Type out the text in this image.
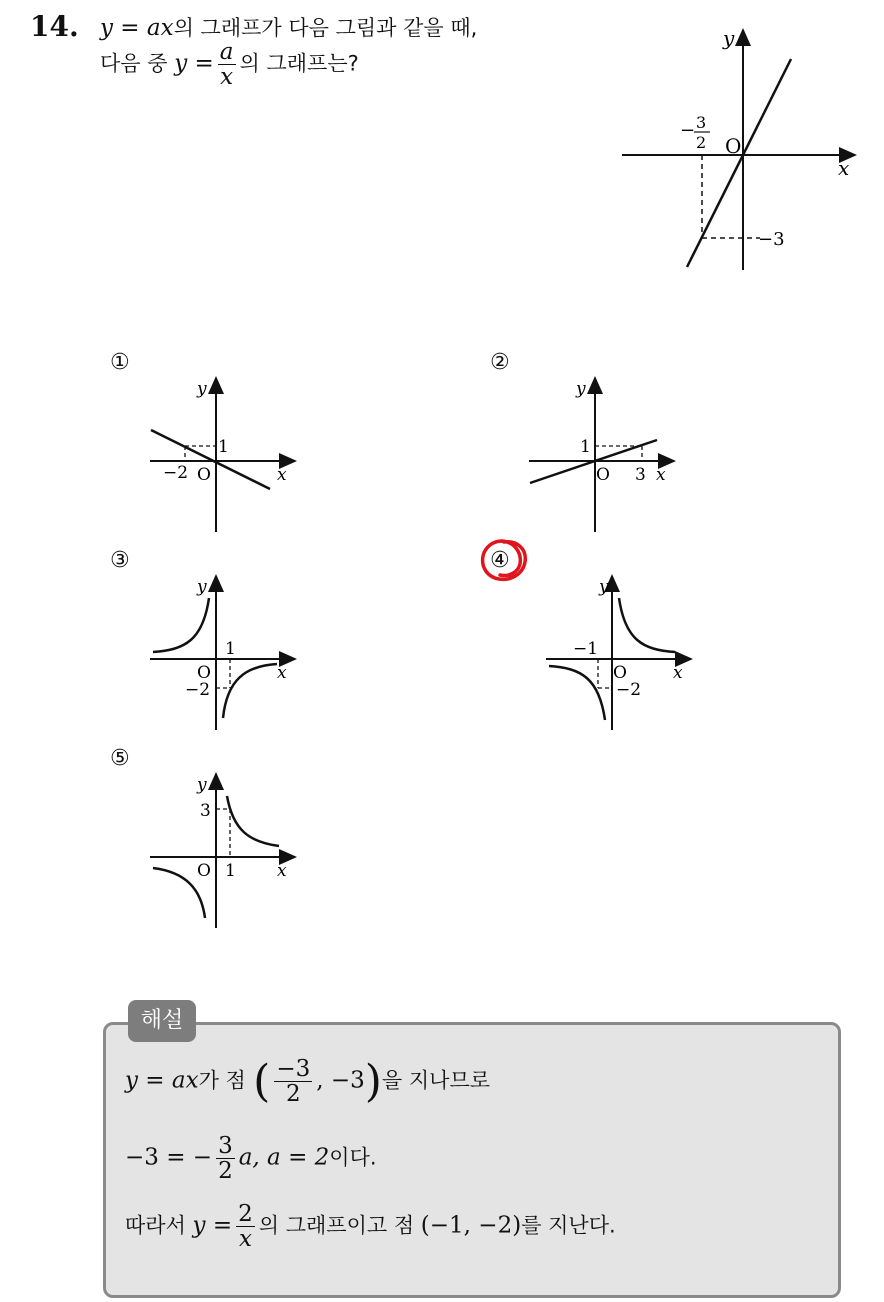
14. y = ax의 그래프가 다음 그림과 같을 때,
다음 중 $y = \frac{a}{x}$ 의 그래프는?
y
x
O
− 3
2
−3
①	②
③	④
⑤
y
x
O
−2
1
y
x
O 3
1
y
x
O
1
−2
y
x
O
−1
−2
y
x
O 1
3
해설
y = ax가 점 ( $\frac{-3}{2}$ , −3)을 지나므로
−3 = − $\frac{3}{2} a$, a = 2이다.
따라서 $y = \frac{2}{x}$ 의 그래프이고 점 (−1, −2)를 지난다.
